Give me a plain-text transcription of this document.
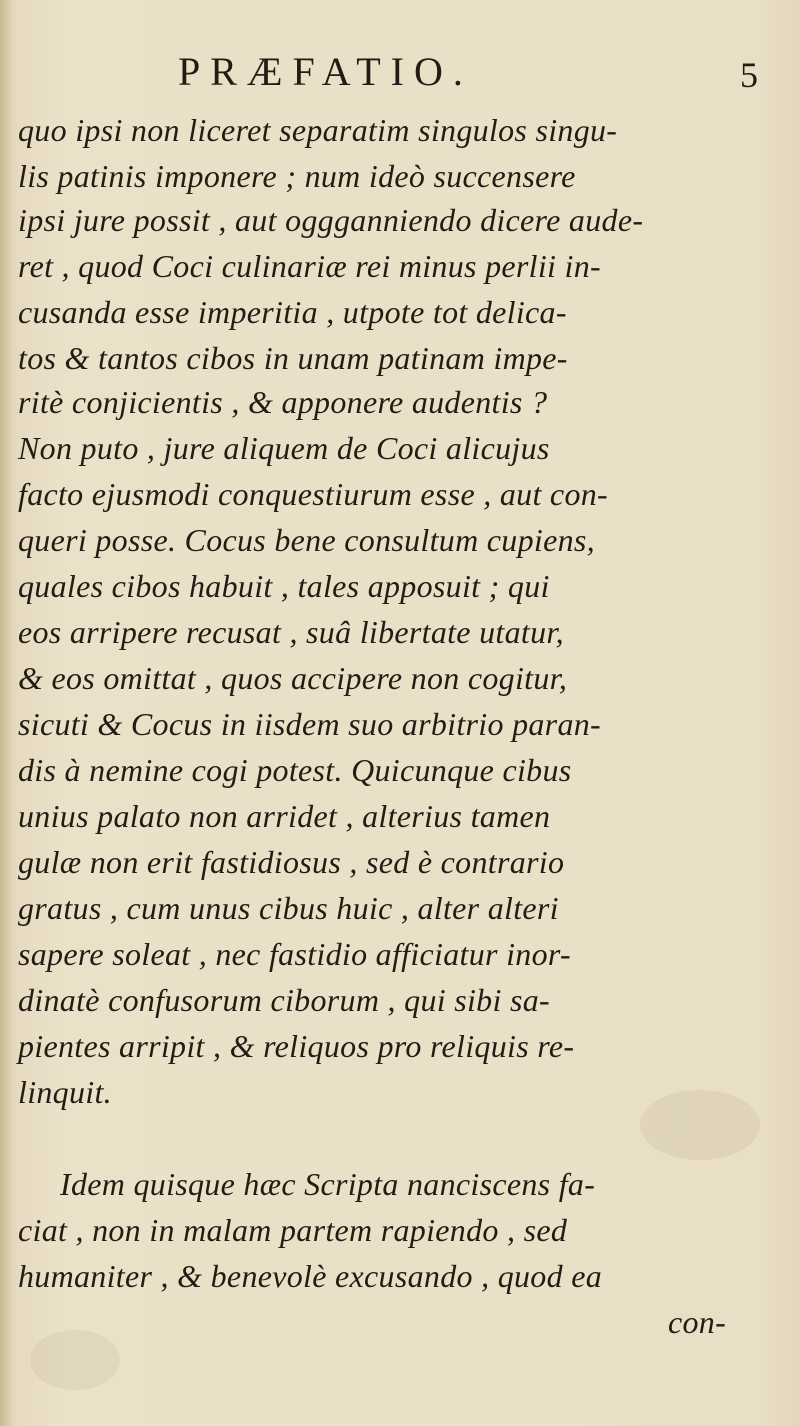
PRÆFATIO.	5
quo ipsi non liceret separatim singulos singu-
lis patinis imponere ; num ideò succensere
ipsi jure possit , aut oggganniendo dicere aude-
ret , quod Coci culinariæ rei minus perlii in-
cusanda esse imperitia , utpote tot delica-
tos & tantos cibos in unam patinam impe-
ritè conjicientis , & apponere audentis ?
Non puto , jure aliquem de Coci alicujus
facto ejusmodi conquestiurum esse , aut con-
queri posse. Cocus bene consultum cupiens,
quales cibos habuit , tales apposuit ; qui
eos arripere recusat , suâ libertate utatur,
& eos omittat , quos accipere non cogitur,
sicuti & Cocus in iisdem suo arbitrio paran-
dis à nemine cogi potest. Quicunque cibus
unius palato non arridet , alterius tamen
gulæ non erit fastidiosus , sed è contrario
gratus , cum unus cibus huic , alter alteri
sapere soleat , nec fastidio afficiatur inor-
dinatè confusorum ciborum , qui sibi sa-
pientes arripit , & reliquos pro reliquis re-
linquit.
Idem quisque hæc Scripta nanciscens fa-
ciat , non in malam partem rapiendo , sed
humaniter , & benevolè excusando , quod ea
con-
